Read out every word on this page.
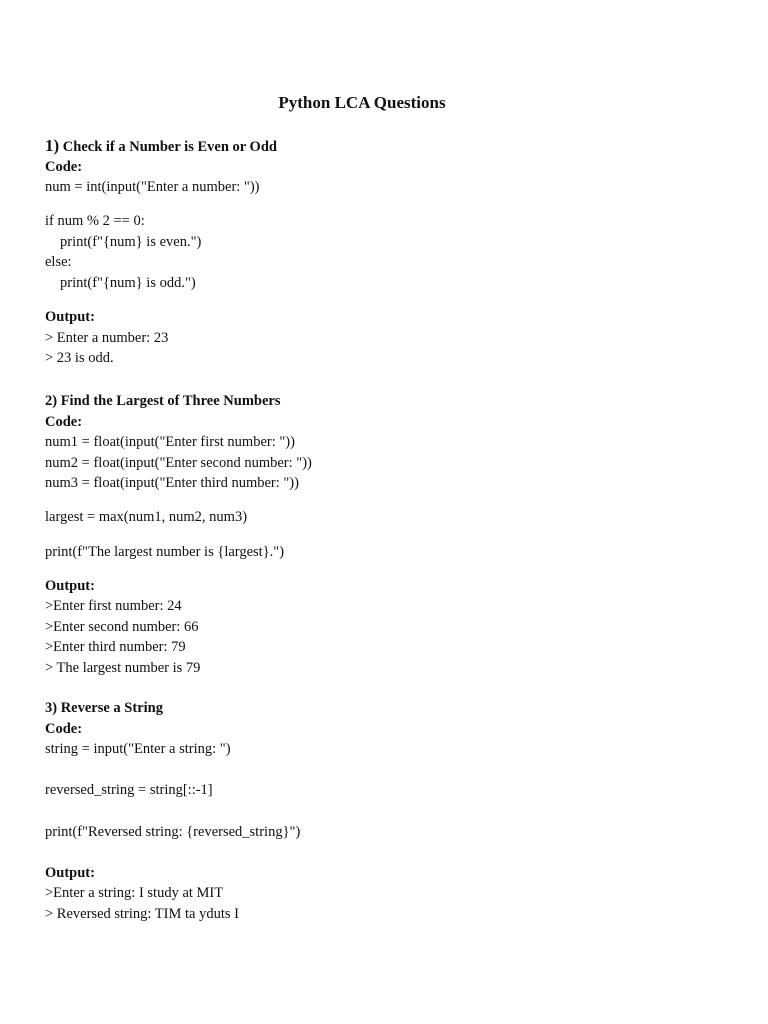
Python LCA Questions
1) Check if a Number is Even or Odd
Code:
num = int(input("Enter a number: "))
if num % 2 == 0:
print(f"{num} is even.")
else:
print(f"{num} is odd.")
Output:
> Enter a number: 23
> 23 is odd.
2) Find the Largest of Three Numbers
Code:
num1 = float(input("Enter first number: "))
num2 = float(input("Enter second number: "))
num3 = float(input("Enter third number: "))
largest = max(num1, num2, num3)
print(f"The largest number is {largest}.")
Output:
>Enter first number: 24
>Enter second number: 66
>Enter third number: 79
> The largest number is 79
3) Reverse a String
Code:
string = input("Enter a string: ")
reversed_string = string[::-1]
print(f"Reversed string: {reversed_string}")
Output:
>Enter a string: I study at MIT
> Reversed string: TIM ta yduts I
